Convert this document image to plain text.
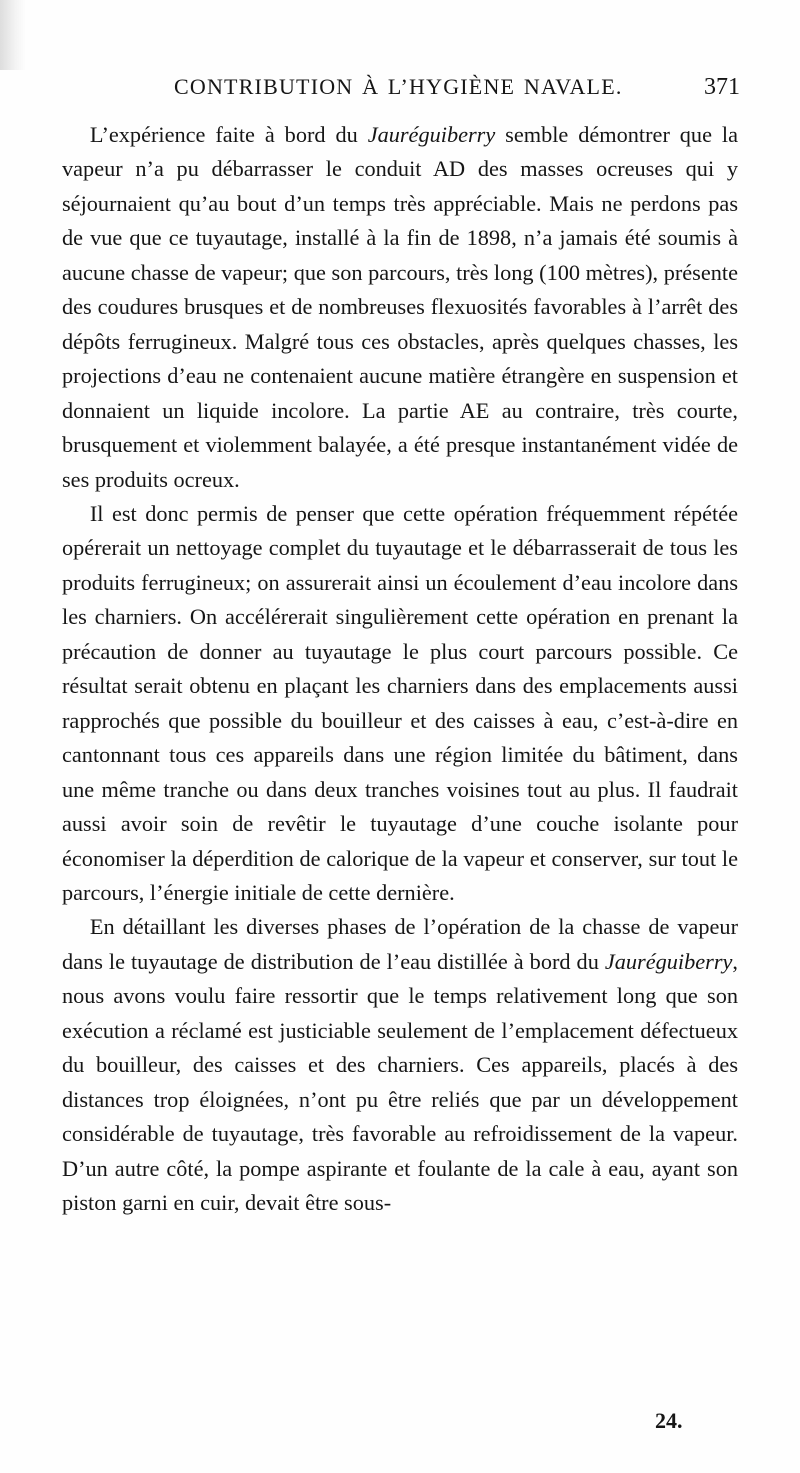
CONTRIBUTION À L’HYGIÈNE NAVALE.	371

L’expérience faite à bord du Jauréguiberry semble démontrer que la vapeur n’a pu débarrasser le conduit AD des masses ocreuses qui y séjournaient qu’au bout d’un temps très appréciable. Mais ne perdons pas de vue que ce tuyautage, installé à la fin de 1898, n’a jamais été soumis à aucune chasse de vapeur; que son parcours, très long (100 mètres), présente des coudures brusques et de nombreuses flexuosités favorables à l’arrêt des dépôts ferrugineux. Malgré tous ces obstacles, après quelques chasses, les projections d’eau ne contenaient aucune matière étrangère en suspension et donnaient un liquide incolore. La partie AE au contraire, très courte, brusquement et violemment balayée, a été presque instantanément vidée de ses produits ocreux.

Il est donc permis de penser que cette opération fréquemment répétée opérerait un nettoyage complet du tuyautage et le débarrasserait de tous les produits ferrugineux; on assurerait ainsi un écoulement d’eau incolore dans les charniers. On accélérerait singulièrement cette opération en prenant la précaution de donner au tuyautage le plus court parcours possible. Ce résultat serait obtenu en plaçant les charniers dans des emplacements aussi rapprochés que possible du bouilleur et des caisses à eau, c’est-à-dire en cantonnant tous ces appareils dans une région limitée du bâtiment, dans une même tranche ou dans deux tranches voisines tout au plus. Il faudrait aussi avoir soin de revêtir le tuyautage d’une couche isolante pour économiser la déperdition de calorique de la vapeur et conserver, sur tout le parcours, l’énergie initiale de cette dernière.

En détaillant les diverses phases de l’opération de la chasse de vapeur dans le tuyautage de distribution de l’eau distillée à bord du Jauréguiberry, nous avons voulu faire ressortir que le temps relativement long que son exécution a réclamé est justiciable seulement de l’emplacement défectueux du bouilleur, des caisses et des charniers. Ces appareils, placés à des distances trop éloignées, n’ont pu être reliés que par un développement considérable de tuyautage, très favorable au refroidissement de la vapeur. D’un autre côté, la pompe aspirante et foulante de la cale à eau, ayant son piston garni en cuir, devait être sous-

24.
